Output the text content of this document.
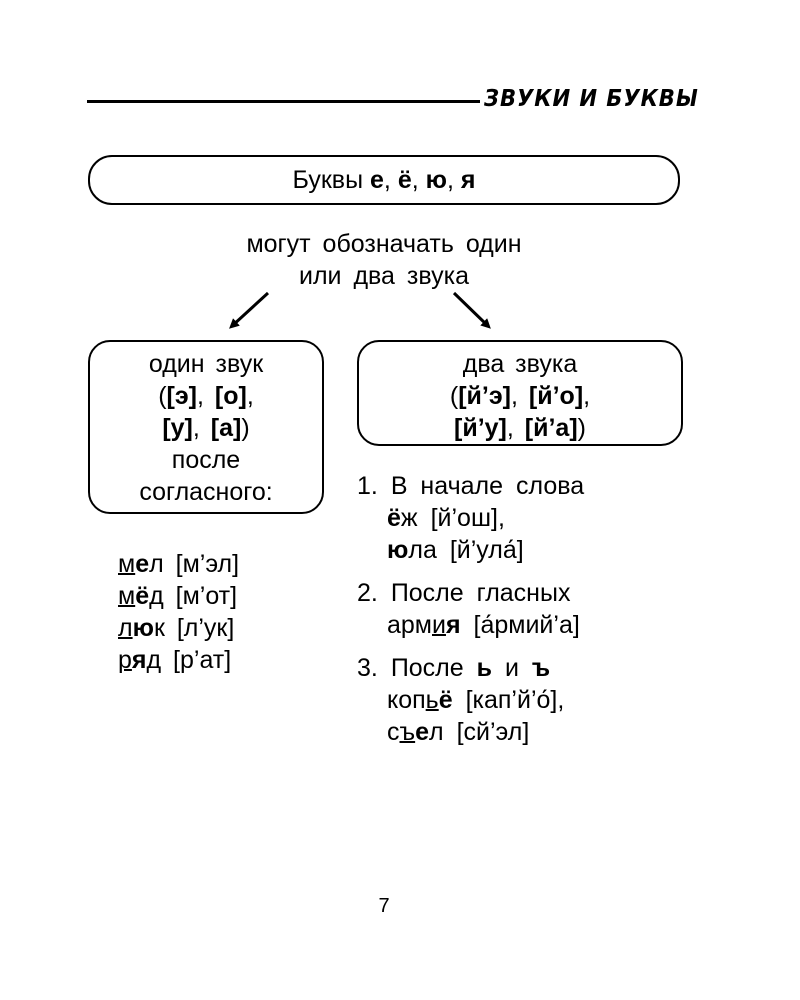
ЗВУКИ И БУКВЫ
Буквы е, ё, ю, я
могут обозначать один
или два звука
один звук
([э], [о],
[у], [а])
после
согласного:
два звука
([й’э], [й’о],
[й’у], [й’а])
мел [м’эл]
мёд [м’от]
люк [л’ук]
ряд [р’ат]
1. В начале слова
ёж [й’ош],
юла [й’ула́]
2. После гласных
армия [а́рмий’а]
3. После ь и ъ
копьё [кап’й’о́],
съел [сй’эл]
7
